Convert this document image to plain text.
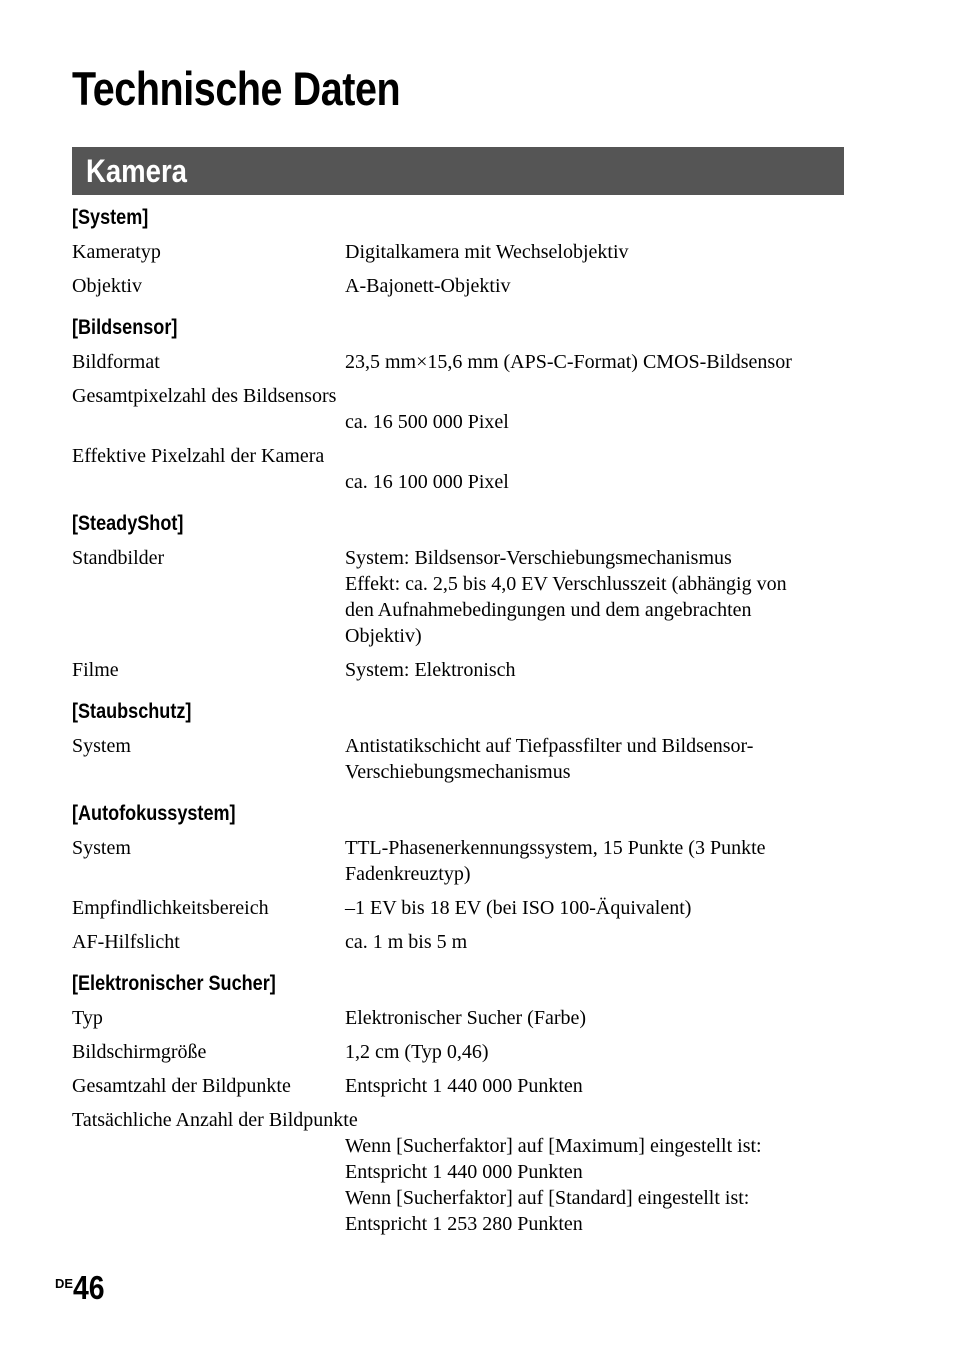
Technische Daten
Kamera
[System]
Kameratyp	Digitalkamera mit Wechselobjektiv
Objektiv	A-Bajonett-Objektiv
[Bildsensor]
Bildformat	23,5 mm×15,6 mm (APS-C-Format) CMOS-Bildsensor
Gesamtpixelzahl des Bildsensors
ca. 16 500 000 Pixel
Effektive Pixelzahl der Kamera
ca. 16 100 000 Pixel
[SteadyShot]
Standbilder	System: Bildsensor-Verschiebungsmechanismus
Effekt: ca. 2,5 bis 4,0 EV Verschlusszeit (abhängig von
den Aufnahmebedingungen und dem angebrachten
Objektiv)
Filme	System: Elektronisch
[Staubschutz]
System	Antistatikschicht auf Tiefpassfilter und Bildsensor-
Verschiebungsmechanismus
[Autofokussystem]
System	TTL-Phasenerkennungssystem, 15 Punkte (3 Punkte
Fadenkreuztyp)
Empfindlichkeitsbereich	–1 EV bis 18 EV (bei ISO 100-Äquivalent)
AF-Hilfslicht	ca. 1 m bis 5 m
[Elektronischer Sucher]
Typ	Elektronischer Sucher (Farbe)
Bildschirmgröße	1,2 cm (Typ 0,46)
Gesamtzahl der Bildpunkte	Entspricht 1 440 000 Punkten
Tatsächliche Anzahl der Bildpunkte
Wenn [Sucherfaktor] auf [Maximum] eingestellt ist:
Entspricht 1 440 000 Punkten
Wenn [Sucherfaktor] auf [Standard] eingestellt ist:
Entspricht 1 253 280 Punkten
$^{DE}$46
